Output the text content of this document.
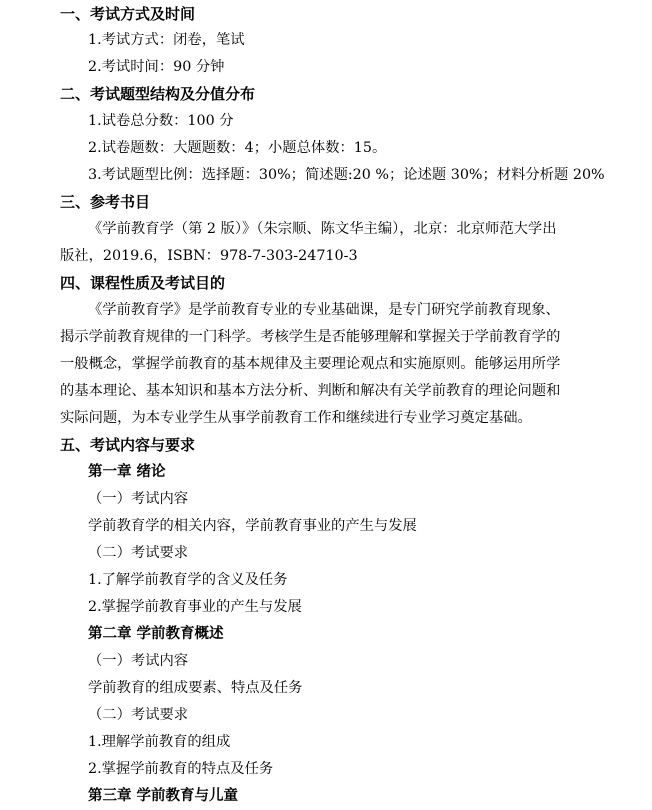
一、考试方式及时间
1.考试方式：闭卷，笔试
2.考试时间：90 分钟
二、考试题型结构及分值分布
1.试卷总分数：100 分
2.试卷题数：大题题数：4；小题总体数：15。
3.考试题型比例：选择题：30%；简述题:20 %；论述题 30%；材料分析题 20%
三、参考书目
《学前教育学（第 2 版）》（朱宗顺、陈文华主编），北京：北京师范大学出
版社，2019.6，ISBN：978-7-303-24710-3
四、课程性质及考试目的
《学前教育学》是学前教育专业的专业基础课，是专门研究学前教育现象、
揭示学前教育规律的一门科学。考核学生是否能够理解和掌握关于学前教育学的
一般概念，掌握学前教育的基本规律及主要理论观点和实施原则。能够运用所学
的基本理论、基本知识和基本方法分析、判断和解决有关学前教育的理论问题和
实际问题，为本专业学生从事学前教育工作和继续进行专业学习奠定基础。
五、考试内容与要求
第一章 绪论
（一）考试内容
学前教育学的相关内容，学前教育事业的产生与发展
（二）考试要求
1.了解学前教育学的含义及任务
2.掌握学前教育事业的产生与发展
第二章 学前教育概述
（一）考试内容
学前教育的组成要素、特点及任务
（二）考试要求
1.理解学前教育的组成
2.掌握学前教育的特点及任务
第三章 学前教育与儿童
